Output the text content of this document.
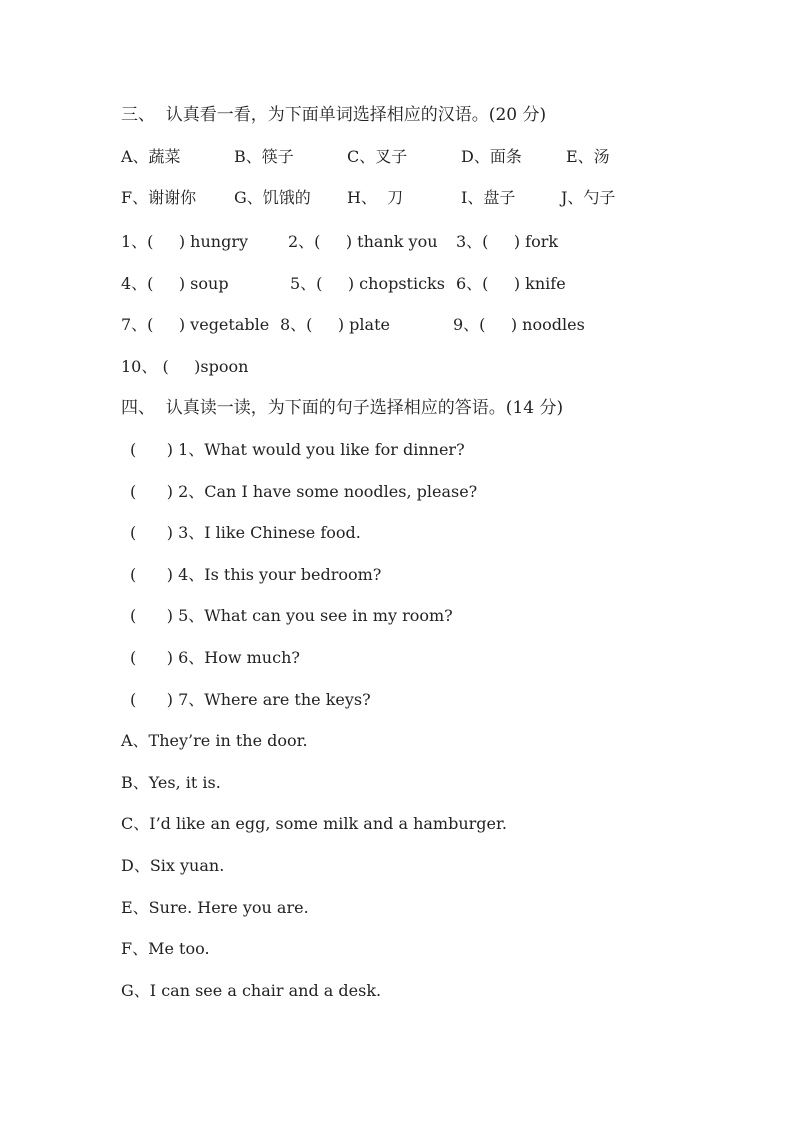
三、  认真看一看，为下面单词选择相应的汉语。(20 分)
A、蔬菜	B、筷子	C、叉子	D、面条	E、汤
F、谢谢你 G、饥饿的 H、  刀	I、盘子	J、勺子
1、(     ) hungry 2、(     ) thank you 3、(     ) fork
4、(     ) soup	5、(     ) chopsticks 6、(     ) knife
7、(     ) vegetable 8、(     ) plate	9、(     ) noodles
10、 (     )spoon
四、  认真读一读，为下面的句子选择相应的答语。(14 分)
(      ) 1、What would you like for dinner?
(      ) 2、Can I have some noodles, please?
(      ) 3、I like Chinese food.
(      ) 4、Is this your bedroom?
(      ) 5、What can you see in my room?
(      ) 6、How much?
(      ) 7、Where are the keys?
A、They’re in the door.
B、Yes, it is.
C、I’d like an egg, some milk and a hamburger.
D、Six yuan.
E、Sure. Here you are.
F、Me too.
G、I can see a chair and a desk.
